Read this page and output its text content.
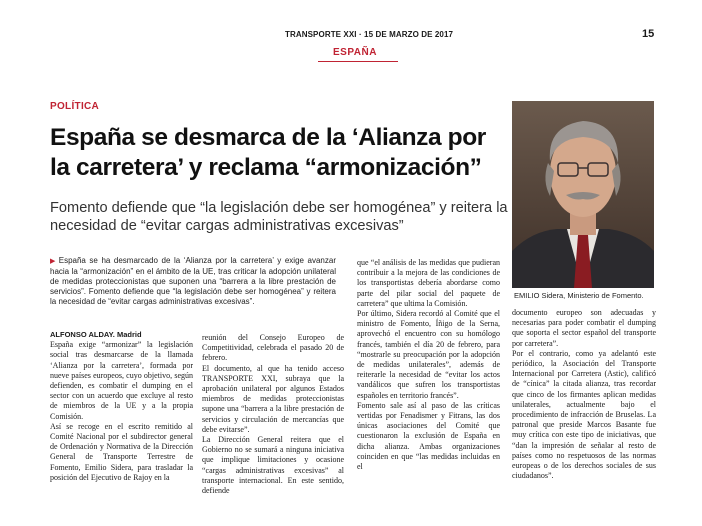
TRANSPORTE XXI · 15 DE MARZO DE 2017	15
ESPAÑA
POLÍTICA
España se desmarca de la ‘Alianza por la carretera’ y reclama “armonización”
Fomento defiende que “la legislación debe ser homogénea” y reitera la necesidad de “evitar cargas administrativas excesivas”
▶ España se ha desmarcado de la ‘Alianza por la carretera’ y exige avanzar hacia la “armonización” en el ámbito de la UE, tras criticar la adopción unilateral de medidas proteccionistas que suponen una “barrera a la libre prestación de servicios”. Fomento defiende que “la legislación debe ser homogénea” y reitera la necesidad de “evitar cargas administrativas excesivas”.
ALFONSO ALDAY. Madrid

España exige “armonizar” la legislación social tras desmarcarse de la llamada ‘Alianza por la carretera’, formada por nueve países europeos, cuyo objetivo, según defienden, es combatir el dumping en el sector con un acuerdo que excluye al resto de miembros de la UE y a la propia Comisión.

Así se recoge en el escrito remitido al Comité Nacional por el subdirector general de Ordenación y Normativa de la Dirección General de Transporte Terrestre de Fomento, Emilio Sidera, para trasladar la posición del Ejecutivo de Rajoy en la

reunión del Consejo Europeo de Competitividad, celebrada el pasado 20 de febrero.

El documento, al que ha tenido acceso TRANSPORTE XXI, subraya que la aprobación unilateral por algunos Estados miembros de medidas proteccionistas supone una “barrera a la libre prestación de servicios y circulación de mercancías que debe evitarse”.

La Dirección General reitera que el Gobierno no se sumará a ninguna iniciativa que implique limitaciones y ocasione “cargas administrativas excesivas” al transporte internacional. En este sentido, defiende

que “el análisis de las medidas que pudieran contribuir a la mejora de las condiciones de los transportistas debería abordarse como parte del pilar social del paquete de carretera” que ultima la Comisión.

Por último, Sidera recordó al Comité que el ministro de Fomento, Íñigo de la Serna, aprovechó el encuentro con su homólogo francés, también el día 20 de febrero, para “mostrarle su preocupación por la adopción de medidas unilaterales”, además de reiterarle la necesidad de “evitar los actos vandálicos que sufren los transportistas españoles en territorio francés”.

Fomento sale así al paso de las críticas vertidas por Fenadismer y Fitrans, las dos únicas asociaciones del Comité que cuestionaron la exclusión de España en dicha alianza. Ambas organizaciones coinciden en que “las medidas incluidas en el

EMILIO Sidera, Ministerio de Fomento.

documento europeo son adecuadas y necesarias para poder combatir el dumping que soporta el sector español del transporte por carretera”.

Por el contrario, como ya adelantó este periódico, la Asociación del Transporte Internacional por Carretera (Astic), calificó de “cínica” la citada alianza, tras recordar que cinco de los firmantes aplican medidas unilaterales, actualmente bajo el procedimiento de infracción de Bruselas. La patronal que preside Marcos Basante fue muy crítica con este tipo de iniciativas, que “dan la impresión de señalar al resto de países como no respetuosos de las normas europeas o de los derechos sociales de sus ciudadanos”.
